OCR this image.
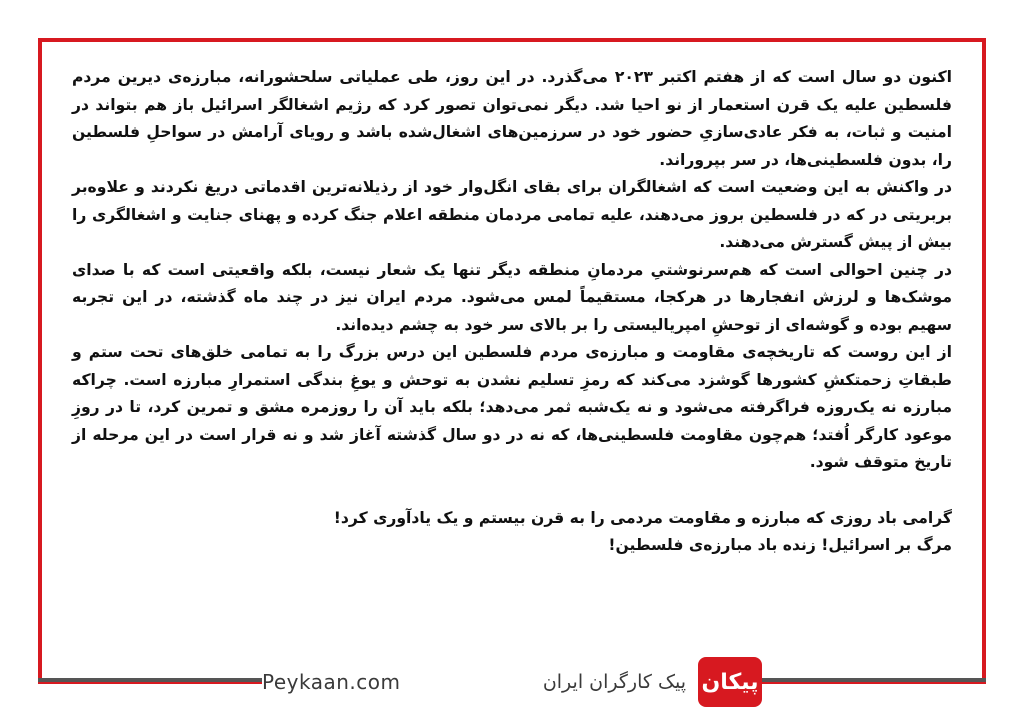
اکنون دو سال است که از هفتم اکتبر ۲۰۲۳ می‌گذرد. در این روز، طی عملیاتی سلحشورانه، مبارزه‌ی دیرین مردم فلسطین علیه یک قرن استعمار از نو احیا شد. دیگر نمی‌توان تصور کرد که رژیم اشغالگر اسرائیل باز هم بتواند در امنیت و ثبات، به فکر عادی‌سازیِ حضور خود در سرزمین‌های اشغال‌شده باشد و رویای آرامش در سواحلِ فلسطین را، بدون فلسطینی‌ها، در سر بپروراند.

در واکنش به این وضعیت است که اشغالگران برای بقای انگل‌وار خود از رذیلانه‌ترین اقدماتی دریغ نکردند و علاوه‌بر بربریتی در که در فلسطین بروز می‌دهند، علیه تمامی مردمان منطقه اعلام جنگ کرده و پهنای جنایت و اشغالگری را بیش از پیش گسترش می‌دهند.

در چنین احوالی است که هم‌سرنوشتیِ مردمانِ منطقه دیگر تنها یک شعار نیست، بلکه واقعیتی است که با صدای موشک‌ها و لرزش انفجارها در هرکجا، مستقیماً لمس می‌شود. مردم ایران نیز در چند ماه گذشته، در این تجربه سهیم بوده و گوشه‌ای از توحشِ امپریالیستی را بر بالای سر خود به چشم دیده‌اند.

از این روست که تاریخچه‌ی مقاومت و مبارزه‌ی مردم فلسطین این درس بزرگ را به تمامی خلق‌های تحت ستم و طبقاتِ زحمتکشِ کشورها گوشزد می‌کند که رمزِ تسلیم نشدن به توحش و یوغِ بندگی استمرارِ مبارزه است. چراکه مبارزه نه یک‌روزه فراگرفته می‌شود و نه یک‌شبه ثمر می‌دهد؛ بلکه باید آن را روزمره مشق و تمرین کرد، تا در روزِ موعود کارگر اُفتد؛ هم‌چون مقاومت فلسطینی‌ها، که نه در دو سال گذشته آغاز شد و نه قرار است در این مرحله از تاریخ متوقف شود.

گرامی باد روزی که مبارزه و مقاومت مردمی را به قرن بیستم و یک یادآوری کرد!

مرگ بر اسرائیل! زنده باد مبارزه‌ی فلسطین!

Peykaan.com	پیکان
پیک کارگران ایران
